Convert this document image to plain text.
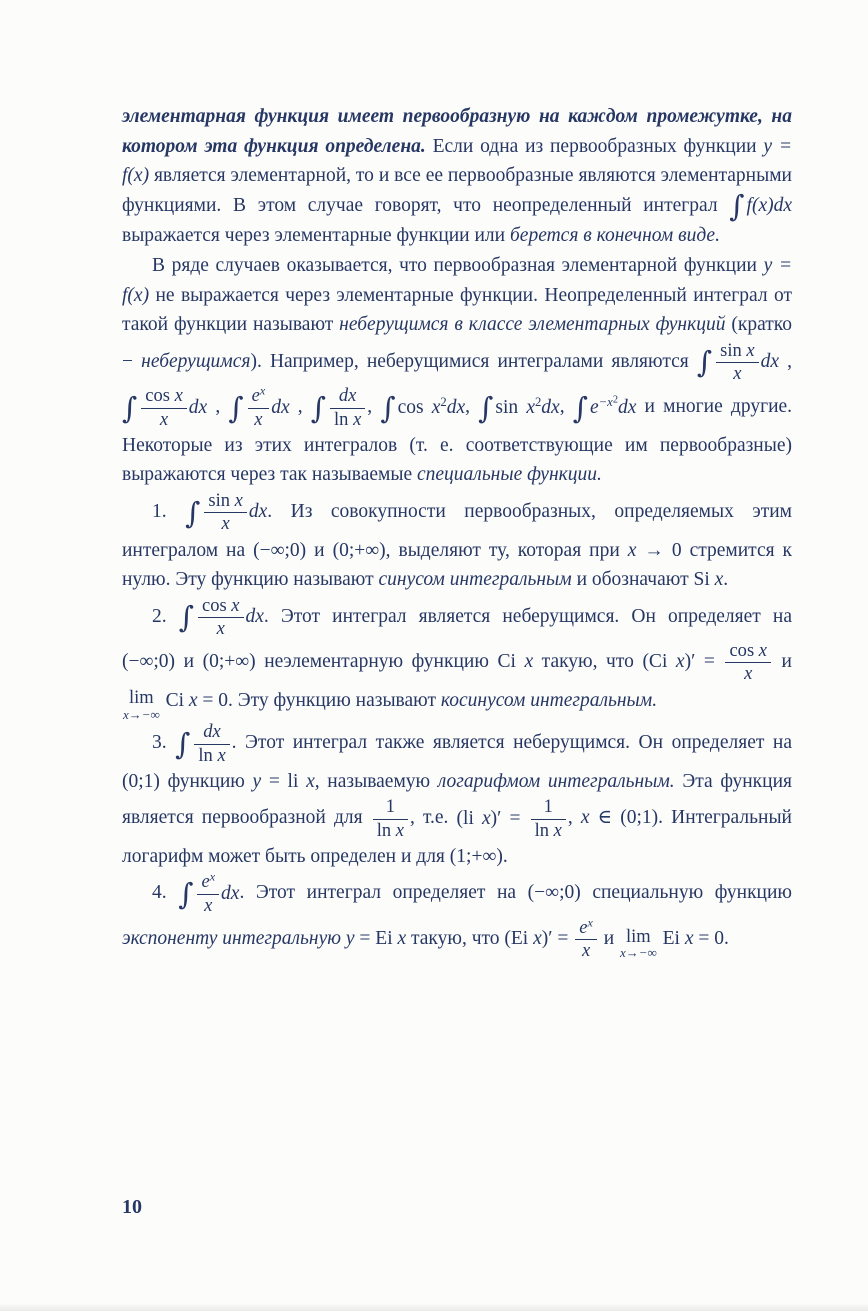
элементарная функция имеет первообразную на каждом промежутке, на котором эта функция определена. Если одна из первообразных функции y = f(x) является элементарной, то и все ее первообразные являются элементарными функциями. В этом случае говорят, что неопределенный интеграл ∫ f(x)dx выражается через элементарные функции или берется в конечном виде.

В ряде случаев оказывается, что первообразная элементарной функции y = f(x) не выражается через элементарные функции. Неопределенный интеграл от такой функции называют неберущимся в классе элементарных функций (кратко − неберущимся). Например, неберущимися интегралами являются ∫ $\frac{\text{sin x}}{x}$ dx , ∫ $\frac{\text{cos x}}{x}$ dx , ∫ $\frac{e^x}{x}$ dx , ∫ $\frac{dx}{\text{ln x}}$ , ∫ $\cos x^2dx$, ∫ $\sin x^2dx$, ∫ $e^{-x^2}dx$ и многие другие. Некоторые из этих интегралов (т. е. соответствующие им первообразные) выражаются через так называемые специальные функции.

1. ∫ $\frac{\text{sin x}}{x}$ dx. Из совокупности первообразных, определяемых этим интегралом на (−∞;0) и (0;+∞), выделяют ту, которая при x → 0 стремится к нулю. Эту функцию называют синусом интегральным и обозначают Si x.

2. ∫ $\frac{\text{cos x}}{x}$ dx. Этот интеграл является неберущимся. Он определяет на (−∞;0) и (0;+∞) неэлементарную функцию Ci x такую, что (Ci $x)' = \frac{\text{cos x}}{x}$ и
lim
x→−∞
Ci x = 0. Эту функцию называют косинусом интегральным.

3. ∫ $\frac{dx}{\text{ln x}}$ . Этот интеграл также является неберущимся. Он определяет на (0;1) функцию y = li x, называемую логарифмом интегральным. Эта функция является первообразной для $\frac{1}{\text{ln x}}$ , т.е. (li $x)' = \frac{1}{\text{ln x}}$ , x ∈ (0;1). Интегральный логарифм может быть определен и для (1;+∞).

4. ∫ $\frac{e^x}{x}$ dx. Этот интеграл определяет на (−∞;0) специальную функцию экспоненту интегральную y = Ei x такую, что (Ei $x)' = \frac{e^x}{x}$ и lim
x→−∞
Ei x = 0.

10
